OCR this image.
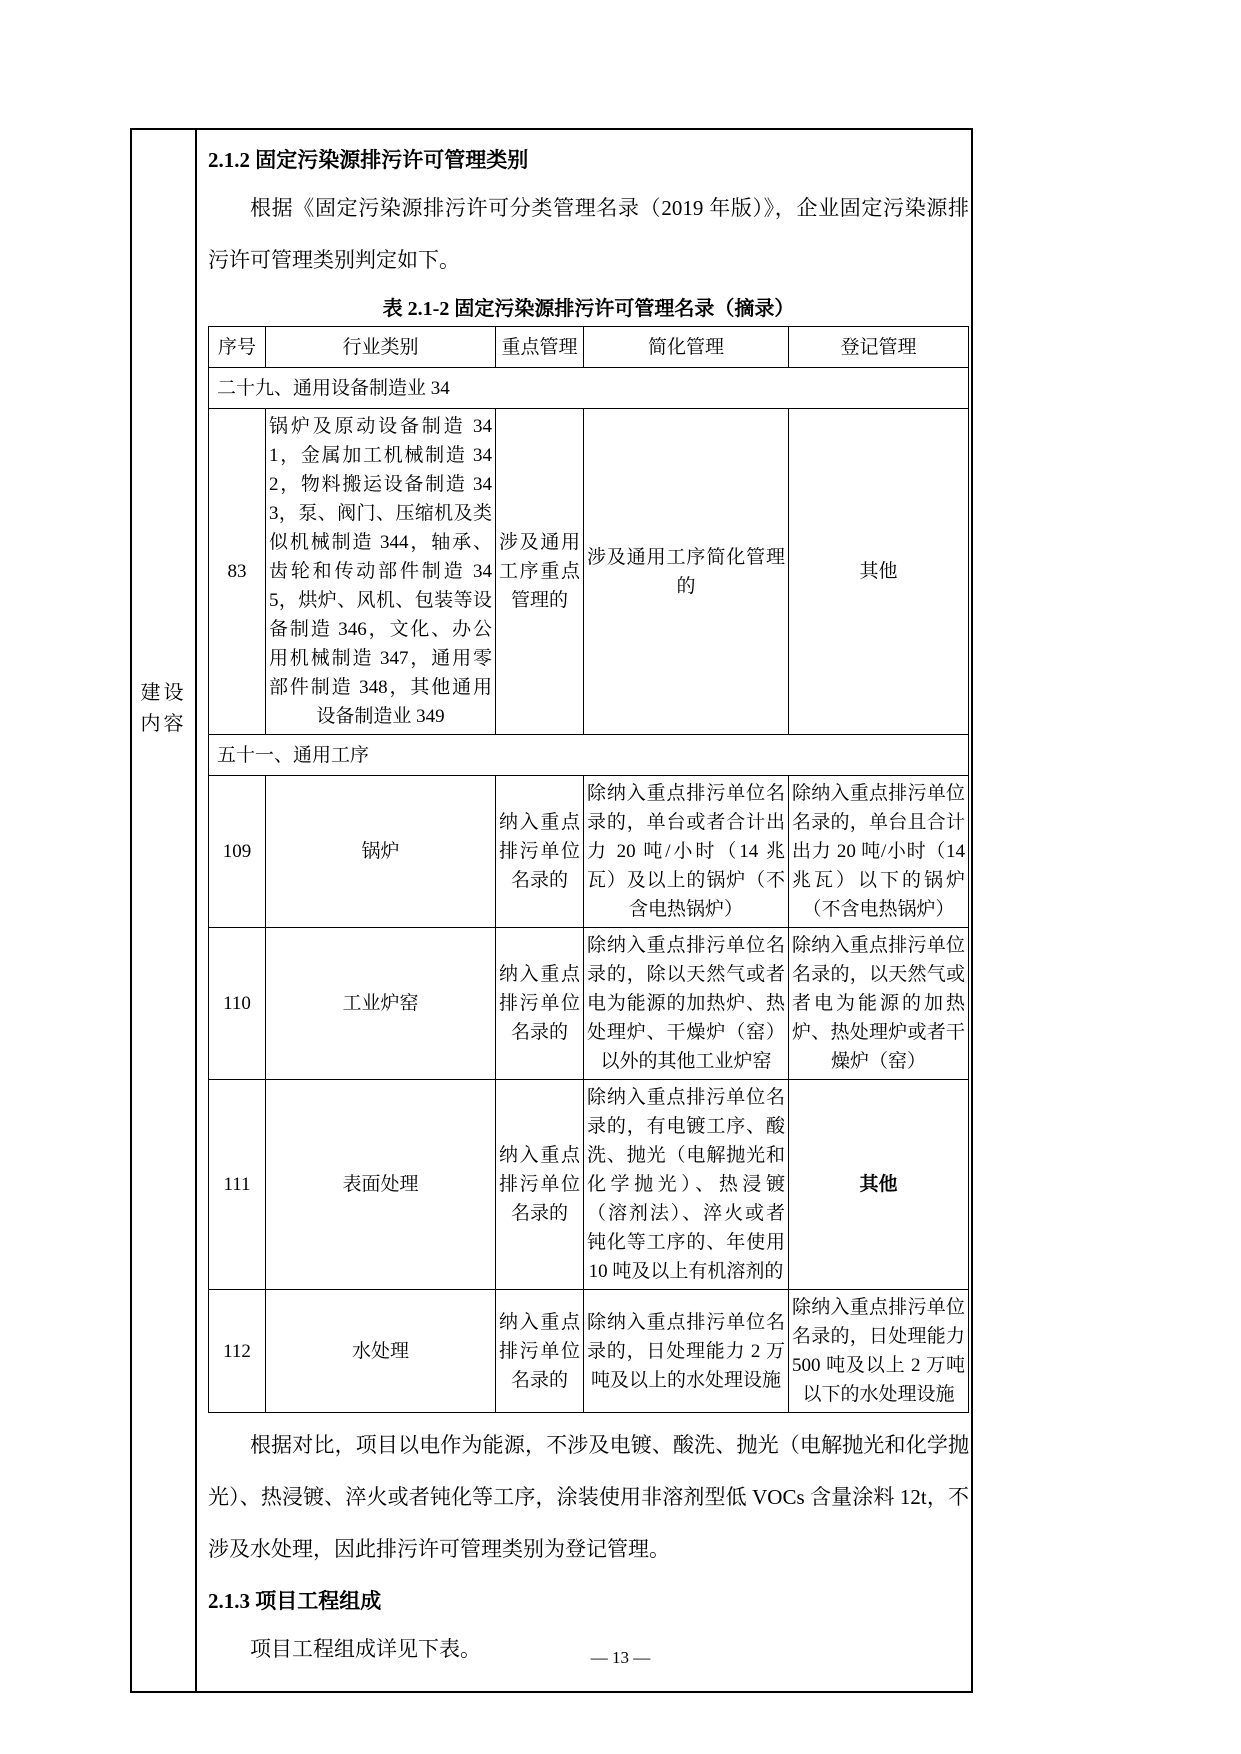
建设内容
2.1.2 固定污染源排污许可管理类别

根据《固定污染源排污许可分类管理名录（2019 年版）》，企业固定污染源排污许可管理类别判定如下。

表 2.1-2 固定污染源排污许可管理名录（摘录）
序号	行业类别	重点管理	简化管理	登记管理
二十九、通用设备制造业 34				
83	锅炉及原动设备制造 341，金属加工机械制造 342，物料搬运设备制造 343，泵、阀门、压缩机及类似机械制造 344，轴承、齿轮和传动部件制造 345，烘炉、风机、包装等设备制造 346，文化、办公用机械制造 347，通用零部件制造 348，其他通用设备制造业 349	涉及通用工序重点管理的	涉及通用工序简化管理的	其他
五十一、通用工序				
109	锅炉	纳入重点排污单位名录的	除纳入重点排污单位名录的，单台或者合计出力 20 吨/小时（14 兆瓦）及以上的锅炉（不含电热锅炉）	除纳入重点排污单位名录的，单台且合计出力 20 吨/小时（14 兆瓦）以下的锅炉（不含电热锅炉）
110	工业炉窑	纳入重点排污单位名录的	除纳入重点排污单位名录的，除以天然气或者电为能源的加热炉、热处理炉、干燥炉（窑）以外的其他工业炉窑	除纳入重点排污单位名录的，以天然气或者电为能源的加热炉、热处理炉或者干燥炉（窑）
111	表面处理	纳入重点排污单位名录的	除纳入重点排污单位名录的，有电镀工序、酸洗、抛光（电解抛光和化学抛光）、热浸镀（溶剂法）、淬火或者钝化等工序的、年使用 10 吨及以上有机溶剂的	其他
112	水处理	纳入重点排污单位名录的	除纳入重点排污单位名录的，日处理能力 2 万吨及以上的水处理设施	除纳入重点排污单位名录的，日处理能力 500 吨及以上 2 万吨以下的水处理设施

根据对比，项目以电作为能源，不涉及电镀、酸洗、抛光（电解抛光和化学抛光）、热浸镀、淬火或者钝化等工序，涂装使用非溶剂型低 VOCs 含量涂料 12t，不涉及水处理，因此排污许可管理类别为登记管理。

2.1.3 项目工程组成

项目工程组成详见下表。	— 13 —
